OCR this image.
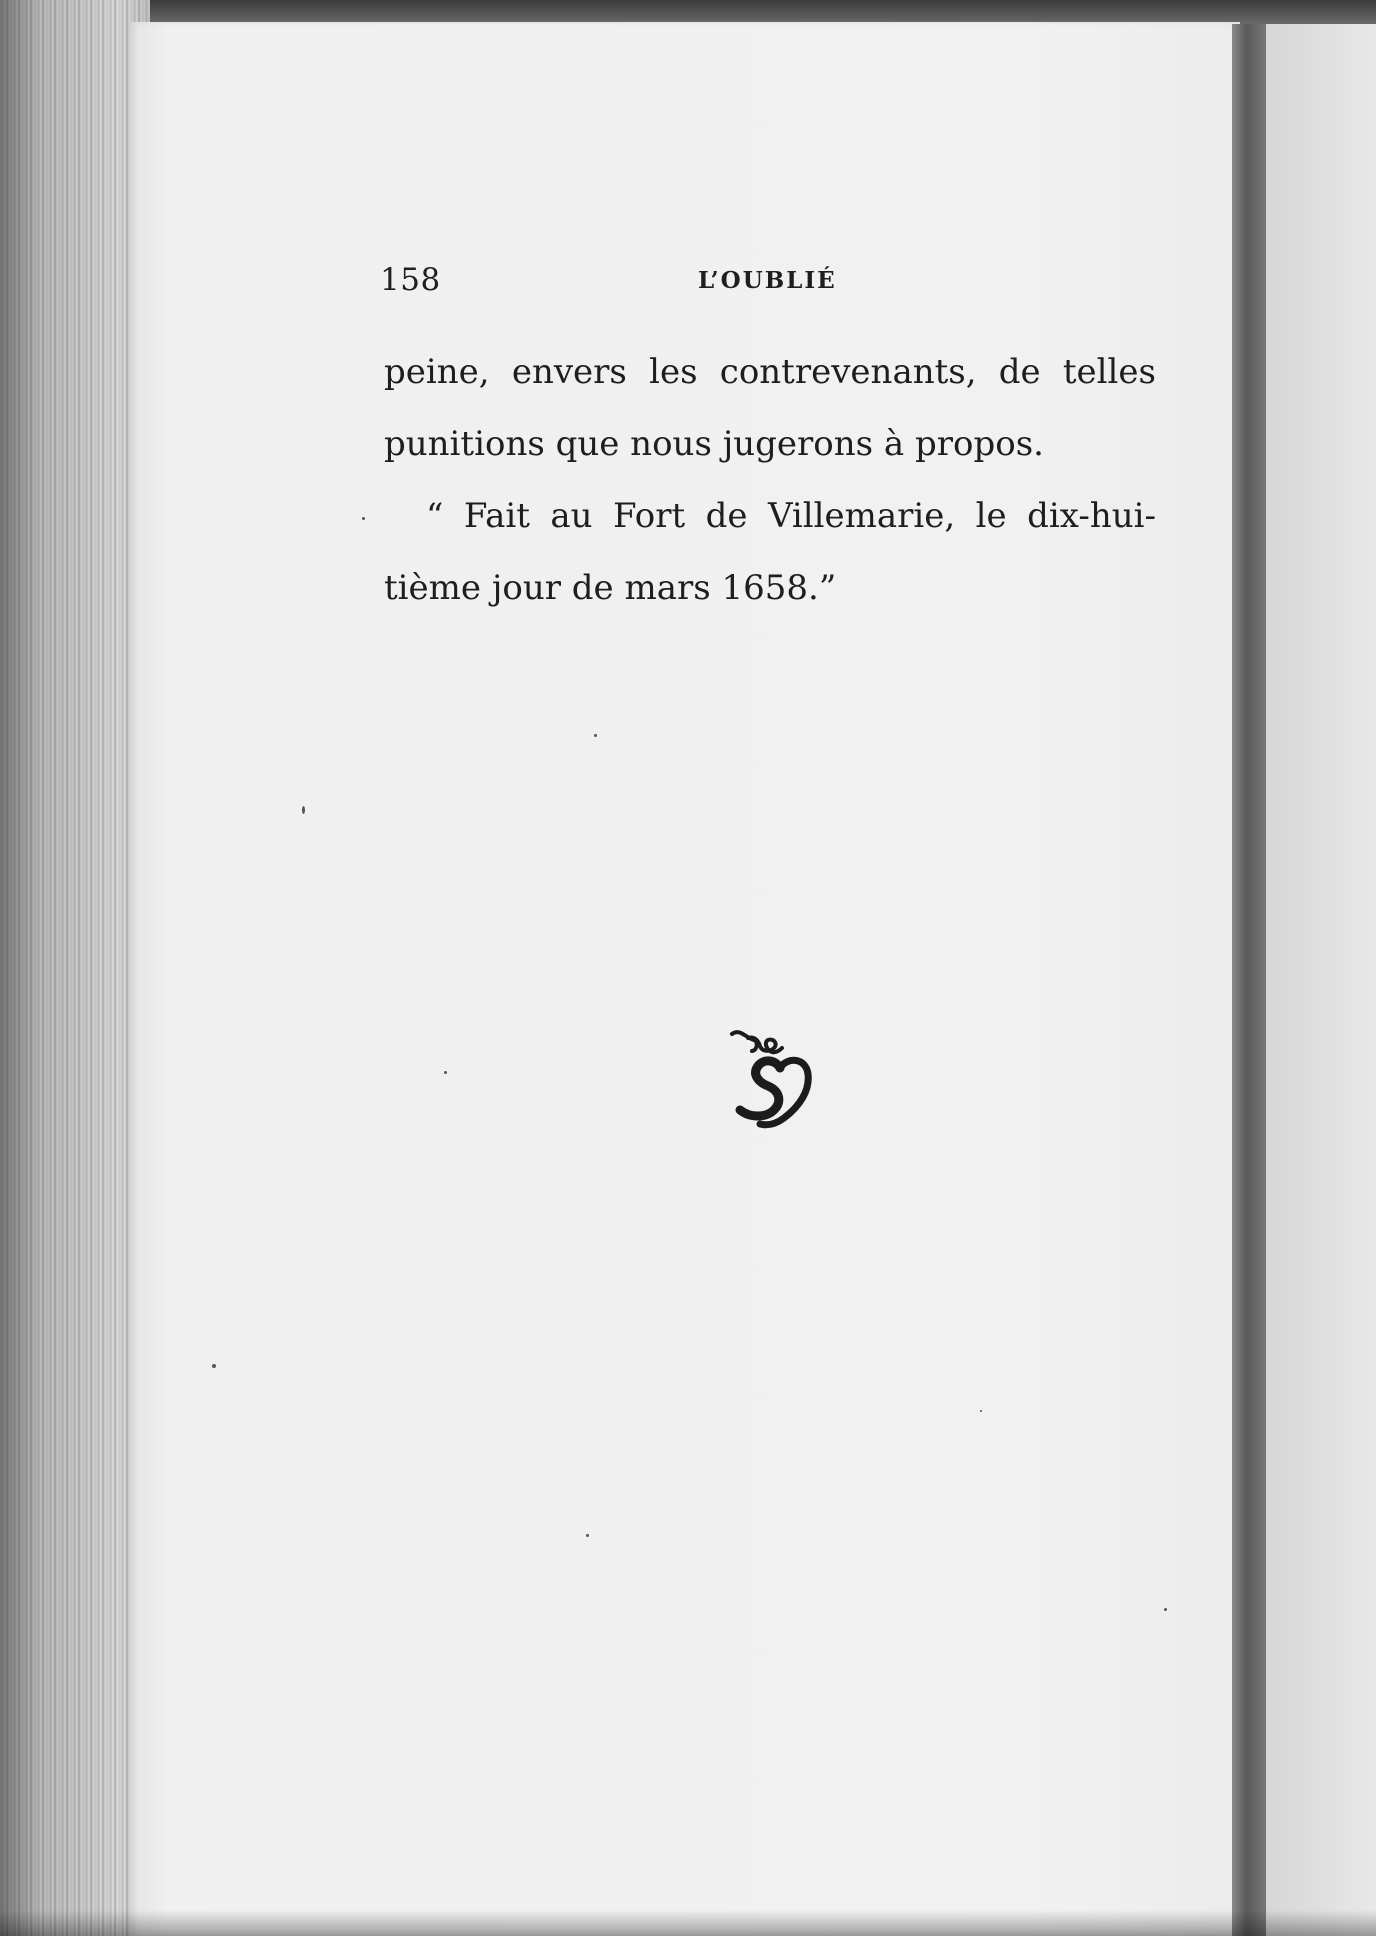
158	L’OUBLIÉ
peine, envers les contrevenants, de telles
punitions que nous jugerons à propos.
“ Fait au Fort de Villemarie, le dix-hui-
tième jour de mars 1658.”
